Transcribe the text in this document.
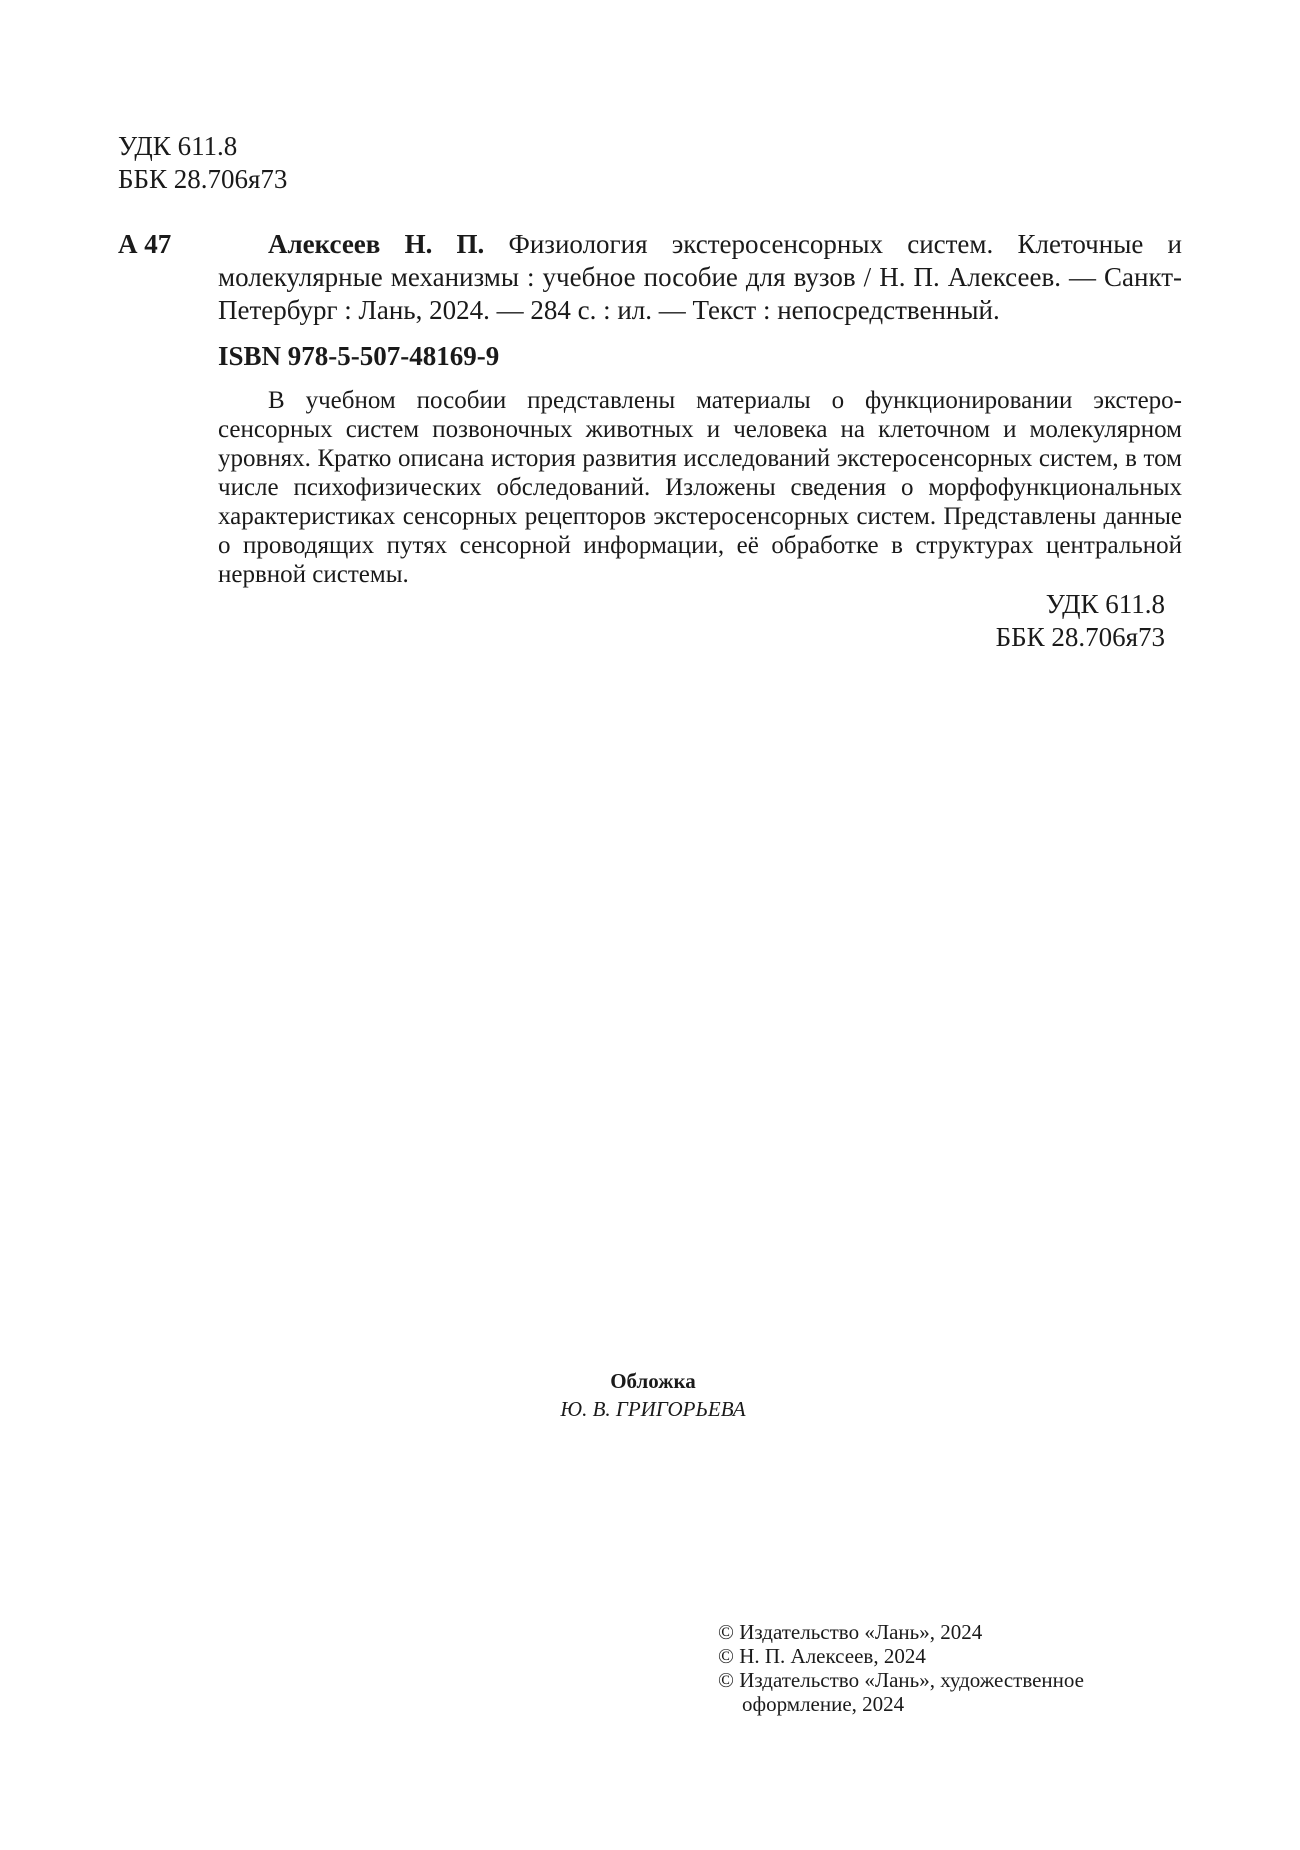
УДК 611.8
ББК 28.706я73
А 47	Алексеев Н. П. Физиология экстеросенсорных систем. Клеточные и молекулярные механизмы : учебное пособие для вузов / Н. П. Алексеев. — Санкт-Петербург : Лань, 2024. — 284 с. : ил. — Текст : непосредственный.
ISBN 978-5-507-48169-9
В учебном пособии представлены материалы о функционировании экстеро-сенсорных систем позвоночных животных и человека на клеточном и молекулярном уровнях. Кратко описана история развития исследований экстеросенсорных систем, в том числе психофизических обследований. Изложены сведения о морфофункциональных характеристиках сенсорных рецепторов экстеросенсорных систем. Представлены данные о проводящих путях сенсорной информации, её обработке в структурах центральной нервной системы.
УДК 611.8
ББК 28.706я73
Обложка
Ю. В. ГРИГОРЬЕВА
© Издательство «Лань», 2024
© Н. П. Алексеев, 2024
© Издательство «Лань», художественное оформление, 2024
